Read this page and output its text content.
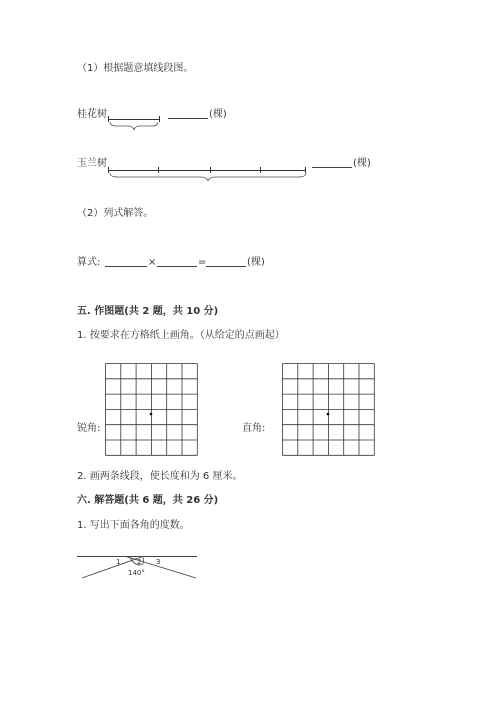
（1）根据题意填线段图。
桂花树	(棵)
玉兰树	(棵)
（2）列式解答。
算式:	×	=	(棵)
五. 作图题(共 2 题，共 10 分)
1. 按要求在方格纸上画角。（从给定的点画起）
锐角:	直角:
2. 画两条线段，使长度和为 6 厘米。
六. 解答题(共 6 题，共 26 分)
1. 写出下面各角的度数。
1 2 3
140°
